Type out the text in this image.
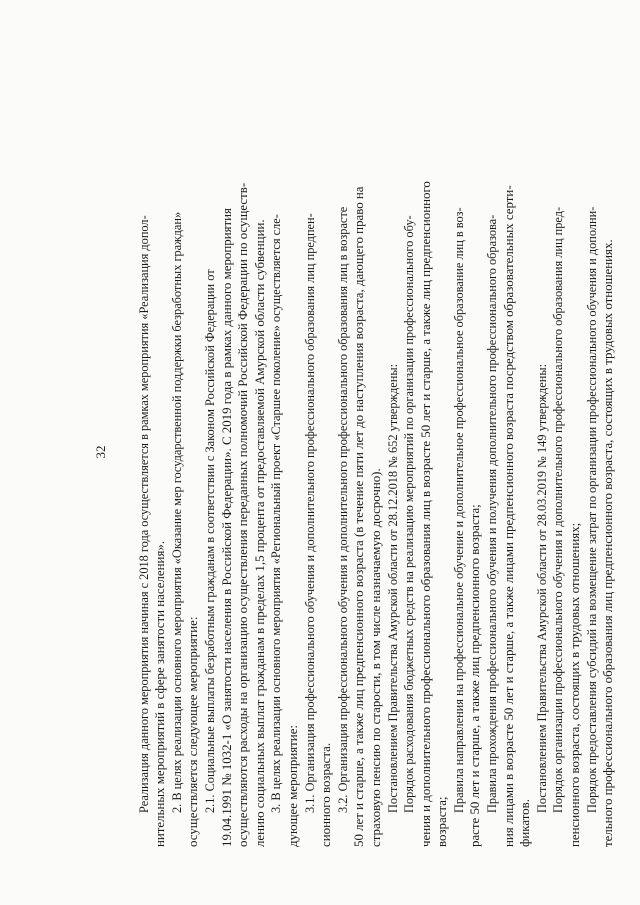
32 Реализация данного мероприятия начиная с 2018 года осуществляется в рамках мероприятия «Реализация допол- нительных мероприятий в сфере занятости населения». 2. В целях реализации основного мероприятия «Оказание мер государственной поддержки безработных граждан» осуществляется следующее мероприятие: 2.1. Социальные выплаты безработным гражданам в соответствии с Законом Российской Федерации от 19.04.1991 № 1032-1 «О занятости населения в Российской Федерации». С 2019 года в рамках данного мероприятия осуществляются расходы на организацию осуществления переданных полномочий Российской Федерации по осуществ- лению социальных выплат гражданам в пределах 1,5 процента от предоставляемой Амурской области субвенции. 3. В целях реализации основного мероприятия «Региональный проект «Старшее поколение» осуществляется сле- дующее мероприятие: 3.1. Организация профессионального обучения и дополнительного профессионального образования лиц предпен- сионного возраста. 3.2. Организация профессионального обучения и дополнительного профессионального образования лиц в возрасте 50 лет и старше, а также лиц предпенсионного возраста (в течение пяти лет до наступления возраста, дающего право на страховую пенсию по старости, в том числе назначаемую досрочно). Постановлением Правительства Амурской области от 28.12.2018 № 652 утверждены: Порядок расходования бюджетных средств на реализацию мероприятий по организации профессионального обу- чения и дополнительного профессионального образования лиц в возрасте 50 лет и старше, а также лиц предпенсионного возраста;
Правила направления на профессиональное обучение и дополнительное профессиональное образование лиц в воз- расте 50 лет и старше, а также лиц предпенсионного возраста; Правила прохождения профессионального обучения и получения дополнительного профессионального образова- ния лицами в возрасте 50 лет и старше, а также лицами предпенсионного возраста посредством образовательных серти- фикатов.
Постановлением Правительства Амурской области от 28.03.2019 № 149 утверждены: Порядок организации профессионального обучения и дополнительного профессионального образования лиц пред- пенсионного возраста, состоящих в трудовых отношениях; Порядок предоставления субсидий на возмещение затрат по организации профессионального обучения и дополни- тельного профессионального образования лиц предпенсионного возраста, состоящих в трудовых отношениях.
